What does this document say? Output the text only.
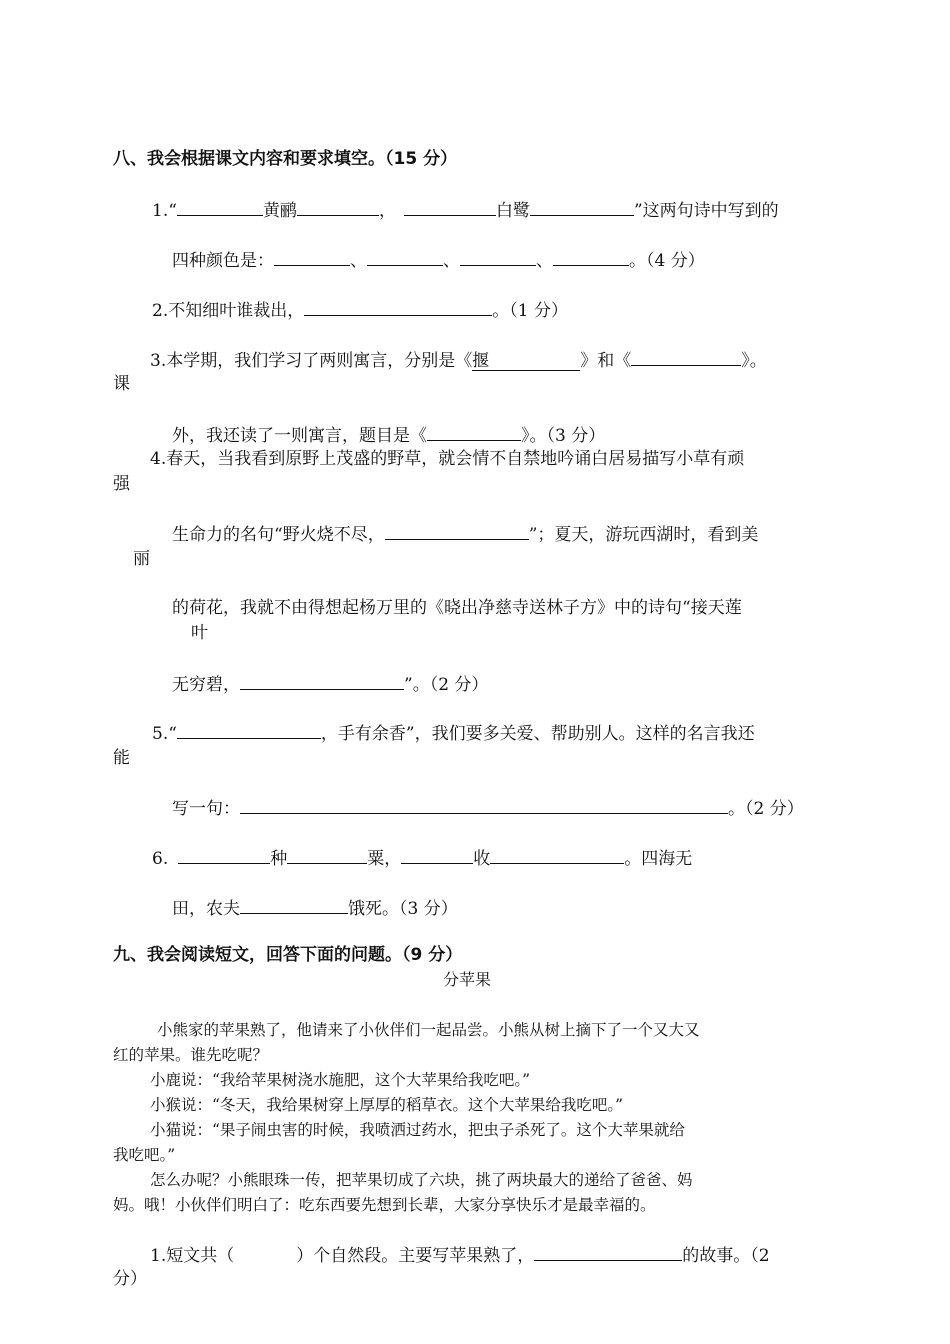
八、我会根据课文内容和要求填空。（15 分）
1.“	黄鹂	，	白鹭	”这两句诗中写到的
四种颜色是：	、	、	、	。（4 分）
2.不知细叶谁裁出，	。（1 分）
3.本学期，我们学习了两则寓言，分别是《揠	》和《	》。
课
外，我还读了一则寓言，题目是《	》。（3 分）
4.春天，当我看到原野上茂盛的野草，就会情不自禁地吟诵白居易描写小草有顽
强
生命力的名句“野火烧不尽，	”；夏天，游玩西湖时，看到美
丽
的荷花，我就不由得想起杨万里的《晓出净慈寺送林子方》中的诗句“接天莲
叶
无穷碧，	”。（2 分）
5.“	，手有余香”，我们要多关爱、帮助别人。这样的名言我还
能
写一句：	。（2 分）
6.	种	粟，	收	。四海无
田，农夫	饿死。（3 分）
九、我会阅读短文，回答下面的问题。（9 分）
分苹果
小熊家的苹果熟了，他请来了小伙伴们一起品尝。小熊从树上摘下了一个又大又
红的苹果。谁先吃呢？
小鹿说：“我给苹果树浇水施肥，这个大苹果给我吃吧。”
小猴说：“冬天，我给果树穿上厚厚的稻草衣。这个大苹果给我吃吧。”
小猫说：“果子闹虫害的时候，我喷洒过药水，把虫子杀死了。这个大苹果就给
我吃吧。”
怎么办呢？小熊眼珠一传，把苹果切成了六块，挑了两块最大的递给了爸爸、妈
妈。哦！小伙伴们明白了：吃东西要先想到长辈，大家分享快乐才是最幸福的。
1.短文共（	）个自然段。主要写苹果熟了，	的故事。（2
分）
